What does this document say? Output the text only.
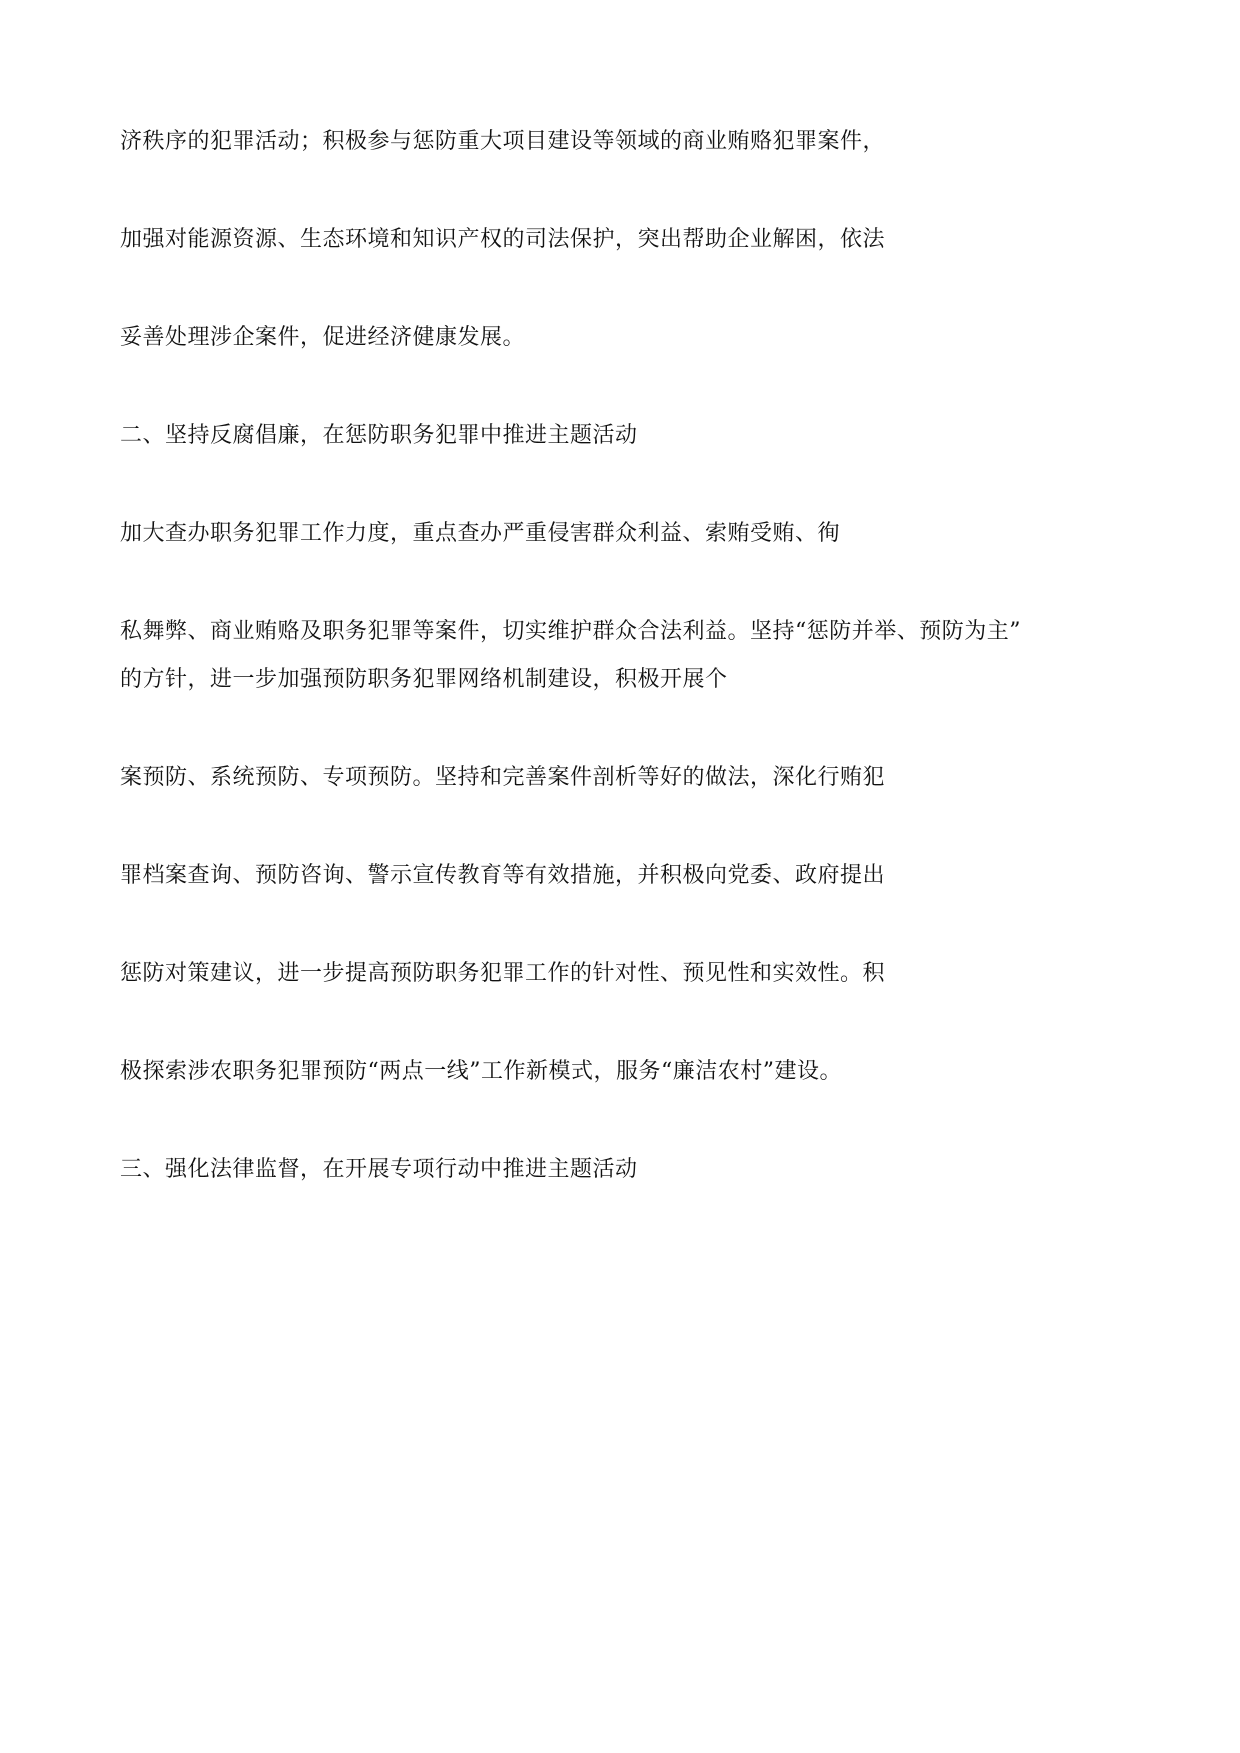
济秩序的犯罪活动；积极参与惩防重大项目建设等领域的商业贿赂犯罪案件，

加强对能源资源、生态环境和知识产权的司法保护，突出帮助企业解困，依法

妥善处理涉企案件，促进经济健康发展。

二、坚持反腐倡廉，在惩防职务犯罪中推进主题活动

加大查办职务犯罪工作力度，重点查办严重侵害群众利益、索贿受贿、徇

私舞弊、商业贿赂及职务犯罪等案件，切实维护群众合法利益。坚持“惩防并举、预防为主”

的方针，进一步加强预防职务犯罪网络机制建设，积极开展个

案预防、系统预防、专项预防。坚持和完善案件剖析等好的做法，深化行贿犯

罪档案查询、预防咨询、警示宣传教育等有效措施，并积极向党委、政府提出

惩防对策建议，进一步提高预防职务犯罪工作的针对性、预见性和实效性。积

极探索涉农职务犯罪预防“两点一线”工作新模式，服务“廉洁农村”建设。

三、强化法律监督，在开展专项行动中推进主题活动
